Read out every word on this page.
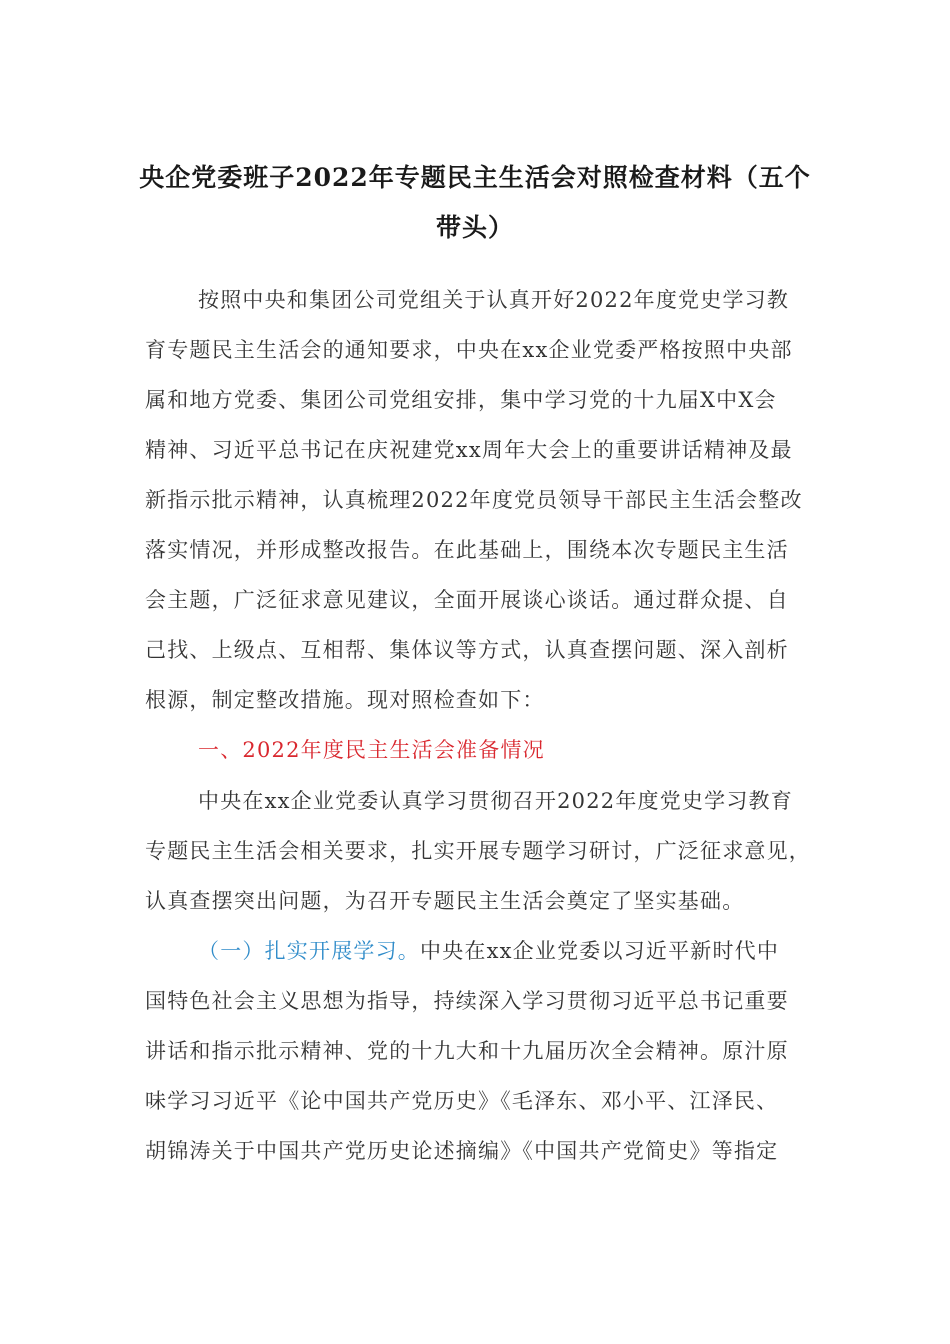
央企党委班子2022年专题民主生活会对照检查材料（五个
带头）
按照中央和集团公司党组关于认真开好2022年度党史学习教
育专题民主生活会的通知要求，中央在xx企业党委严格按照中央部
属和地方党委、集团公司党组安排，集中学习党的十九届X中X会
精神、习近平总书记在庆祝建党xx周年大会上的重要讲话精神及最
新指示批示精神，认真梳理2022年度党员领导干部民主生活会整改
落实情况，并形成整改报告。在此基础上，围绕本次专题民主生活
会主题，广泛征求意见建议，全面开展谈心谈话。通过群众提、自
己找、上级点、互相帮、集体议等方式，认真查摆问题、深入剖析
根源，制定整改措施。现对照检查如下：
一、2022年度民主生活会准备情况
中央在xx企业党委认真学习贯彻召开2022年度党史学习教育
专题民主生活会相关要求，扎实开展专题学习研讨，广泛征求意见，
认真查摆突出问题，为召开专题民主生活会奠定了坚实基础。
（一）扎实开展学习。中央在xx企业党委以习近平新时代中
国特色社会主义思想为指导，持续深入学习贯彻习近平总书记重要
讲话和指示批示精神、党的十九大和十九届历次全会精神。原汁原
味学习习近平《论中国共产党历史》《毛泽东、邓小平、江泽民、
胡锦涛关于中国共产党历史论述摘编》《中国共产党简史》等指定
